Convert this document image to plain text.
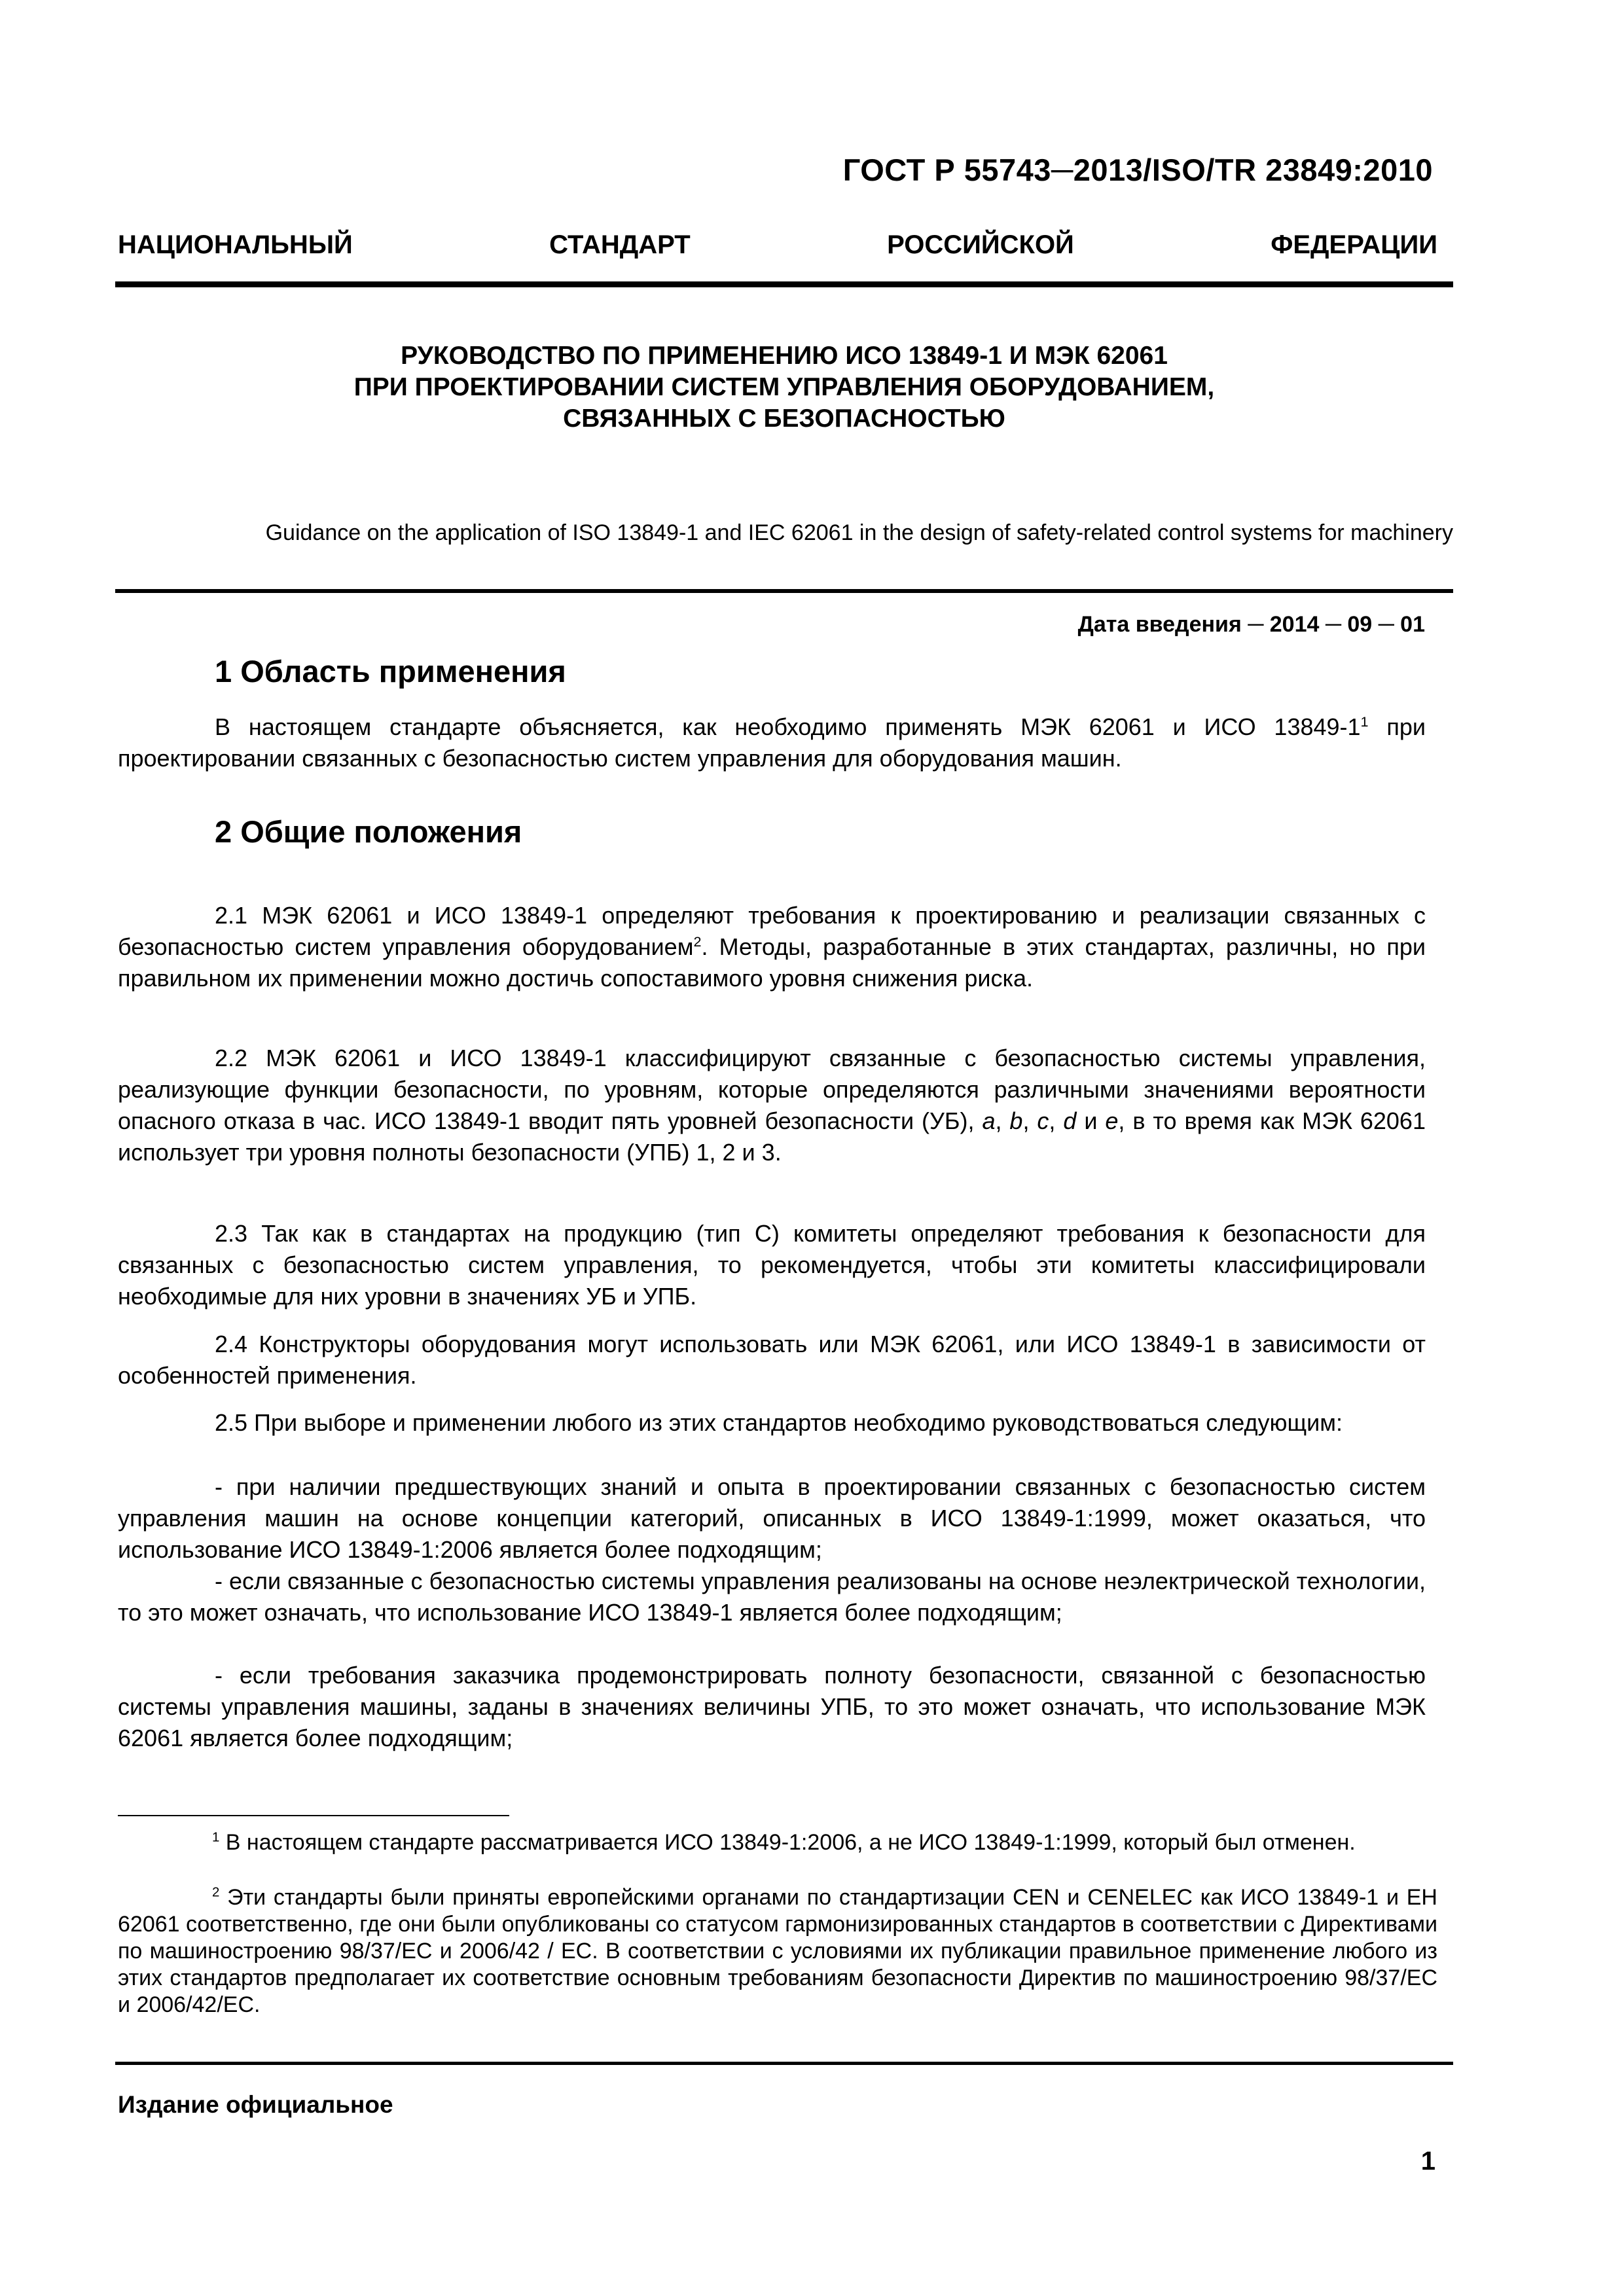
ГОСТ Р 55743─2013/ISO/TR 23849:2010
НАЦИОНАЛЬНЫЙ СТАНДАРТ РОССИЙСКОЙ ФЕДЕРАЦИИ
РУКОВОДСТВО ПО ПРИМЕНЕНИЮ ИСО 13849-1 И МЭК 62061
ПРИ ПРОЕКТИРОВАНИИ СИСТЕМ УПРАВЛЕНИЯ ОБОРУДОВАНИЕМ,
СВЯЗАННЫХ С БЕЗОПАСНОСТЬЮ
Guidance on the application of ISO 13849-1 and IEC 62061 in the design of safety-related control systems for machinery
Дата введения ─ 2014 ─ 09 ─ 01
1 Область применения
В настоящем стандарте объясняется, как необходимо применять МЭК 62061 и ИСО $13849-1^1$ при проектировании связанных с безопасностью систем управления для оборудования машин.
2 Общие положения
2.1 МЭК 62061 и ИСО 13849-1 определяют требования к проектированию и реализации связанных с безопасностью систем управления оборудованием$^2$. Методы, разработанные в этих стандартах, различны, но при правильном их применении можно достичь сопоставимого уровня снижения риска.
2.2 МЭК 62061 и ИСО 13849-1 классифицируют связанные с безопасностью системы управления, реализующие функции безопасности, по уровням, которые определяются различными значениями вероятности опасного отказа в час. ИСО 13849-1 вводит пять уровней безопасности (УБ), a, b, c, d и e, в то время как МЭК 62061 использует три уровня полноты безопасности (УПБ) 1, 2 и 3.
2.3 Так как в стандартах на продукцию (тип С) комитеты определяют требования к безопасности для связанных с безопасностью систем управления, то рекомендуется, чтобы эти комитеты классифицировали необходимые для них уровни в значениях УБ и УПБ.
2.4 Конструкторы оборудования могут использовать или МЭК 62061, или ИСО 13849-1 в зависимости от особенностей применения.
2.5 При выборе и применении любого из этих стандартов необходимо руководствоваться следующим:
- при наличии предшествующих знаний и опыта в проектировании связанных с безопасностью систем управления машин на основе концепции категорий, описанных в ИСО 13849-1:1999, может оказаться, что использование ИСО 13849-1:2006 является более подходящим;
- если связанные с безопасностью системы управления реализованы на основе неэлектрической технологии, то это может означать, что использование ИСО 13849-1 является более подходящим;
- если требования заказчика продемонстрировать полноту безопасности, связанной с безопасностью системы управления машины, заданы в значениях величины УПБ, то это может означать, что использование МЭК 62061 является более подходящим;
$^1$ В настоящем стандарте рассматривается ИСО 13849-1:2006, а не ИСО 13849-1:1999, который был отменен.
$^2$ Эти стандарты были приняты европейскими органами по стандартизации CEN и CENELEC как ИСО 13849-1 и ЕН 62061 соответственно, где они были опубликованы со статусом гармонизированных стандартов в соответствии с Директивами по машиностроению 98/37/ЕС и 2006/42 / ЕС. В соответствии с условиями их публикации правильное применение любого из этих стандартов предполагает их соответствие основным требованиям безопасности Директив по машиностроению 98/37/ЕС и 2006/42/ЕС.
Издание официальное
1
